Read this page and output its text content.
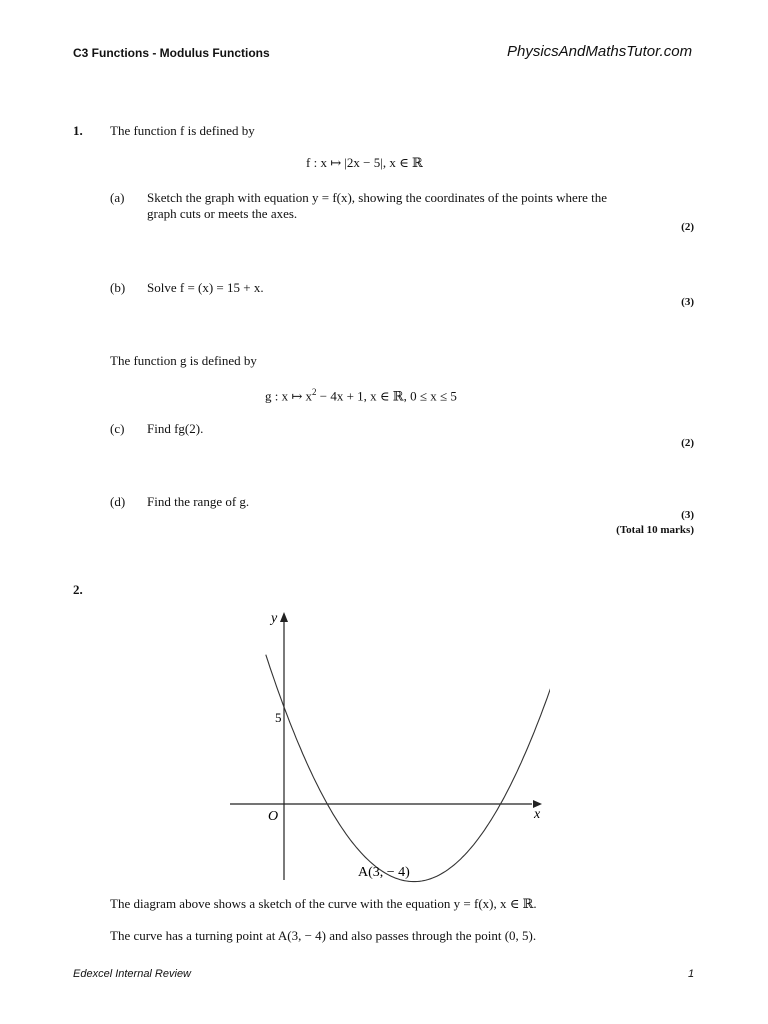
C3 Functions - Modulus Functions	PhysicsAndMathsTutor.com
1. The function f is defined by
f : x ↦ |2x − 5|, x ∈ ℝ
(a) Sketch the graph with equation y = f(x), showing the coordinates of the points where the
graph cuts or meets the axes.
(2)
(b) Solve f = (x) = 15 + x.
(3)
The function g is defined by
g : x ↦ $x^2 - 4x + 1$, x ∈ ℝ, 0 ≤ x ≤ 5
(c) Find fg(2).
(2)
(d) Find the range of g.
(3)
(Total 10 marks)
2.
y
x
O
5
A(3, − 4)
The diagram above shows a sketch of the curve with the equation y = f(x), x ∈ ℝ.
The curve has a turning point at A(3, − 4) and also passes through the point (0, 5).
Edexcel Internal Review	1
